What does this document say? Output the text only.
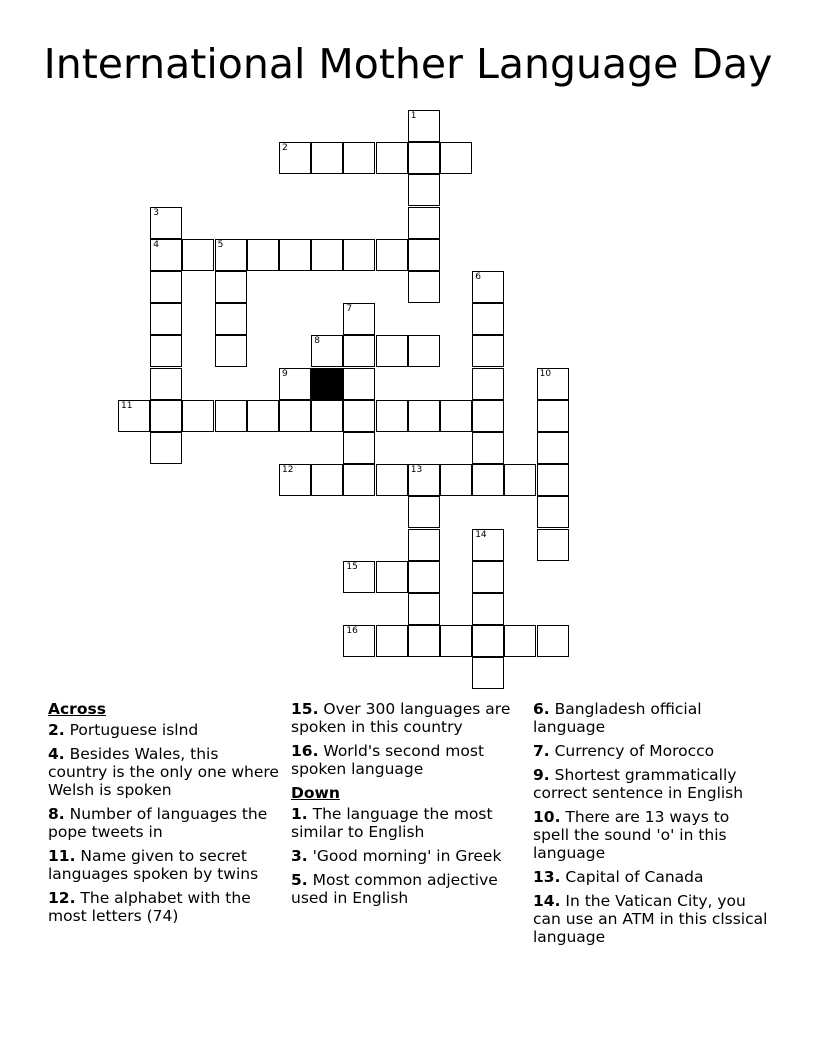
International Mother Language Day
1
2
3
4	5
6
7
8
9	10
11
12	13
14
15
16
Across
2. Portuguese islnd
4. Besides Wales, this country is the only one where Welsh is spoken
8. Number of languages the pope tweets in
11. Name given to secret languages spoken by twins
12. The alphabet with the most letters (74)
15. Over 300 languages are spoken in this country
16. World's second most spoken language
Down
1. The language the most similar to English
3. 'Good morning' in Greek
5. Most common adjective used in English
6. Bangladesh official language
7. Currency of Morocco
9. Shortest grammatically correct sentence in English
10. There are 13 ways to spell the sound 'o' in this language
13. Capital of Canada
14. In the Vatican City, you can use an ATM in this clssical language
